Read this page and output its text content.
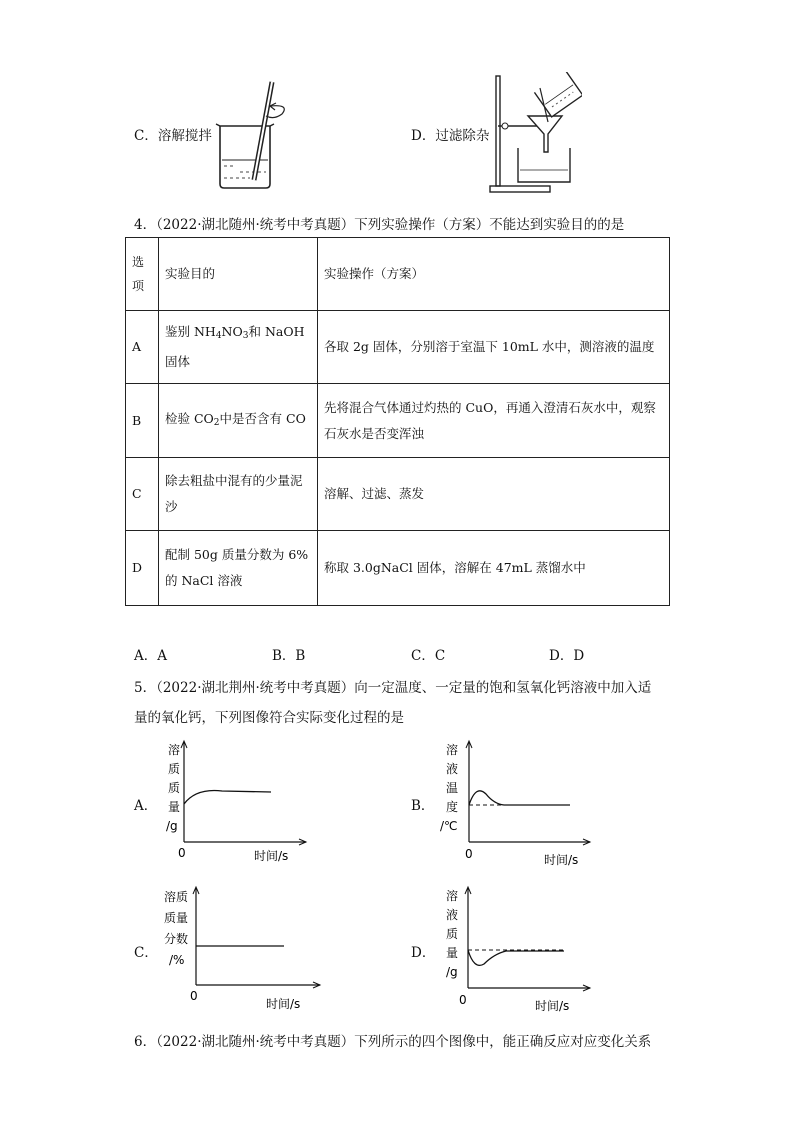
C．溶解搅拌	D．过滤除杂
4．（2022·湖北随州·统考中考真题）下列实验操作（方案）不能达到实验目的的是
选项	实验目的	实验操作（方案）
A	鉴别 $NH_4NO_3$和 NaOH 固体	各取 2g 固体，分别溶于室温下 10mL 水中，测溶液的温度
B	检验 $CO_2$中是否含有 CO	先将混合气体通过灼热的 CuO，再通入澄清石灰水中，观察石灰水是否变浑浊
C	除去粗盐中混有的少量泥沙	溶解、过滤、蒸发
D	配制 50g 质量分数为 6% 的 NaCl 溶液	称取 3.0gNaCl 固体，溶解在 47mL 蒸馏水中
A．A	B．B	C．C	D．D
5．（2022·湖北荆州·统考中考真题）向一定温度、一定量的饱和氢氧化钙溶液中加入适
量的氧化钙，下列图像符合实际变化过程的是
A．
溶
质
质
量
/g
0	时间/s
B．
溶
液
温
度
/℃
0	时间/s
C．
溶质
质量
分数
/%
0
时间/s
D．
溶
液
质
量
/g
0	时间/s
6．（2022·湖北随州·统考中考真题）下列所示的四个图像中，能正确反应对应变化关系
